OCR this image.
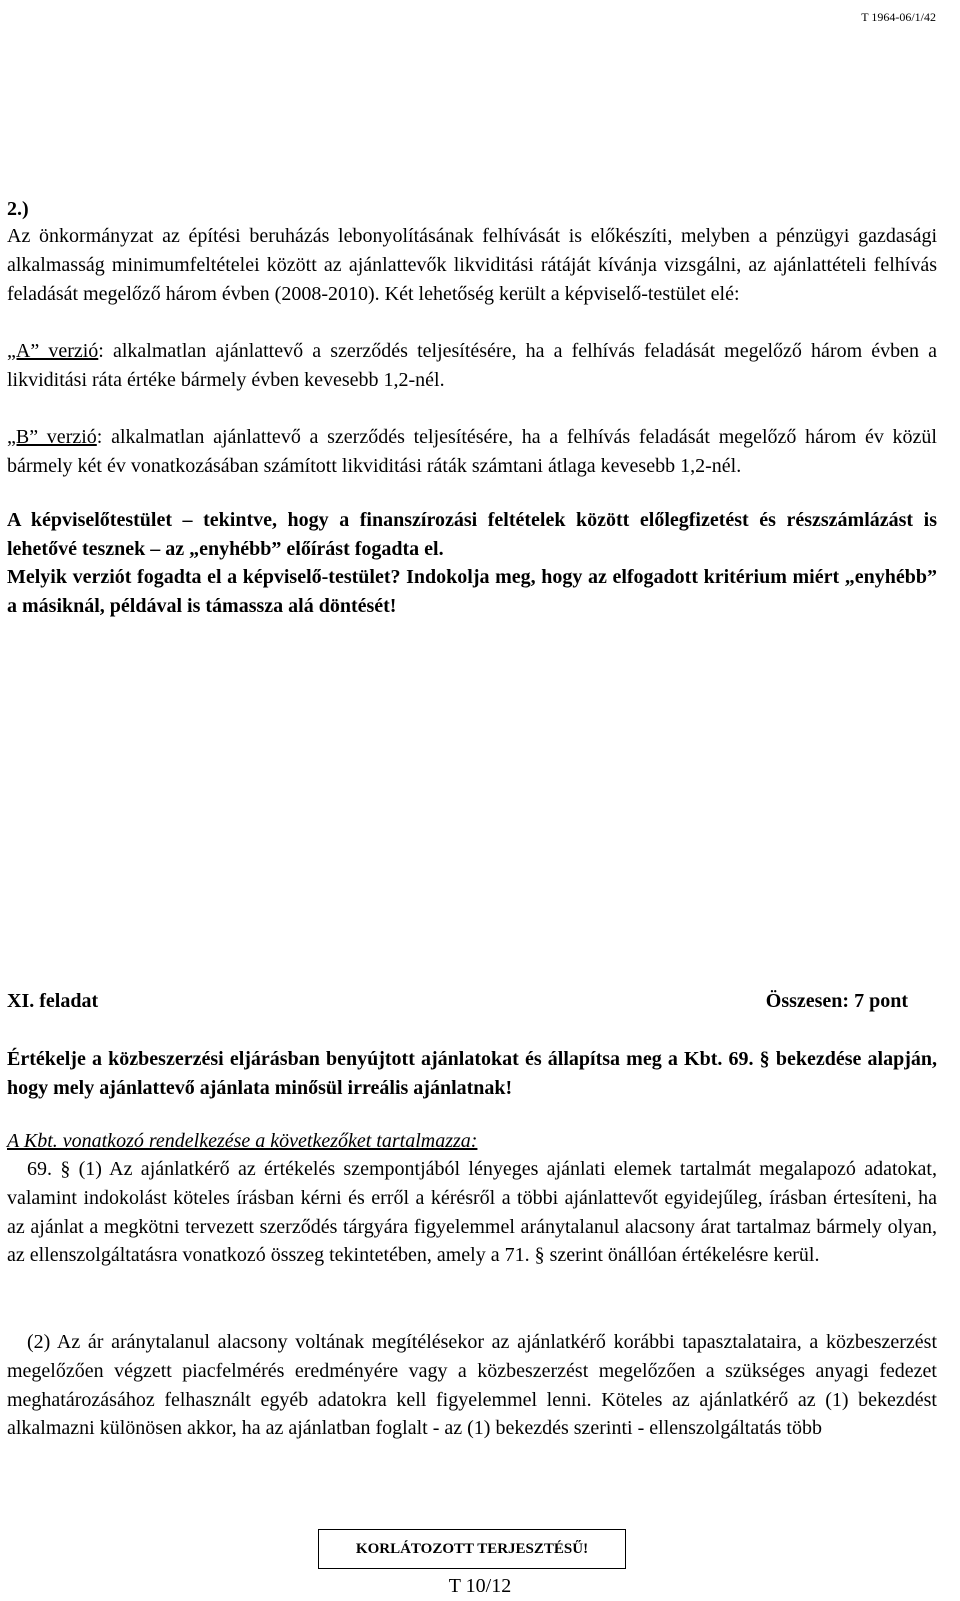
T 1964-06/1/42
2.)

Az önkormányzat az építési beruházás lebonyolításának felhívását is előkészíti, melyben a pénzügyi gazdasági alkalmasság minimumfeltételei között az ajánlattevők likviditási rátáját kívánja vizsgálni, az ajánlattételi felhívás feladását megelőző három évben (2008-2010). Két lehetőség került a képviselő-testület elé:

„A” verzió: alkalmatlan ajánlattevő a szerződés teljesítésére, ha a felhívás feladását megelőző három évben a likviditási ráta értéke bármely évben kevesebb 1,2-nél.

„B” verzió: alkalmatlan ajánlattevő a szerződés teljesítésére, ha a felhívás feladását megelőző három év közül bármely két év vonatkozásában számított likviditási ráták számtani átlaga kevesebb 1,2-nél.

A képviselőtestület – tekintve, hogy a finanszírozási feltételek között előlegfizetést és részszámlázást is lehetővé tesznek – az „enyhébb” előírást fogadta el.

Melyik verziót fogadta el a képviselő-testület? Indokolja meg, hogy az elfogadott kritérium miért „enyhébb” a másiknál, példával is támassza alá döntését!

XI. feladat	Összesen: 7 pont

Értékelje a közbeszerzési eljárásban benyújtott ajánlatokat és állapítsa meg a Kbt. 69. § bekezdése alapján, hogy mely ajánlattevő ajánlata minősül irreális ajánlatnak!

A Kbt. vonatkozó rendelkezése a következőket tartalmazza:

69. § (1) Az ajánlatkérő az értékelés szempontjából lényeges ajánlati elemek tartalmát megalapozó adatokat, valamint indokolást köteles írásban kérni és erről a kérésről a többi ajánlattevőt egyidejűleg, írásban értesíteni, ha az ajánlat a megkötni tervezett szerződés tárgyára figyelemmel aránytalanul alacsony árat tartalmaz bármely olyan, az ellenszolgáltatásra vonatkozó összeg tekintetében, amely a 71. § szerint önállóan értékelésre kerül.

(2) Az ár aránytalanul alacsony voltának megítélésekor az ajánlatkérő korábbi tapasztalataira, a közbeszerzést megelőzően végzett piacfelmérés eredményére vagy a közbeszerzést megelőzően a szükséges anyagi fedezet meghatározásához felhasznált egyéb adatokra kell figyelemmel lenni. Köteles az ajánlatkérő az (1) bekezdést alkalmazni különösen akkor, ha az ajánlatban foglalt - az (1) bekezdés szerinti - ellenszolgáltatás több

KORLÁTOZOTT TERJESZTÉSŰ!
T 10/12
